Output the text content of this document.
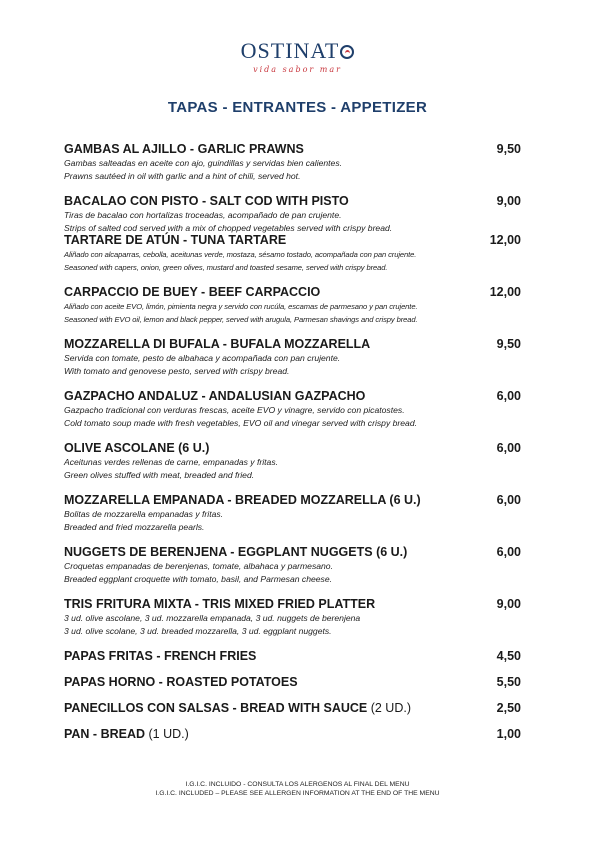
OSTINAT
vida sabor mar
TAPAS - ENTRANTES - APPETIZER
GAMBAS AL AJILLO - GARLIC PRAWNS	9,50
Gambas salteadas en aceite con ajo, guindillas y servidas bien calientes.
Prawns sautéed in oil with garlic and a hint of chili, served hot.
BACALAO CON PISTO - SALT COD WITH PISTO	9,00
Tiras de bacalao con hortalizas troceadas, acompañado de pan crujente.
Strips of salted cod served with a mix of chopped vegetables served with crispy bread.
TARTARE DE ATÚN - TUNA TARTARE	12,00
Aliñado con alcaparras, cebolla, aceitunas verde, mostaza, sésamo tostado, acompañada con pan crujente.
Seasoned with capers, onion, green olives, mustard and toasted sesame, served with crispy bread.
CARPACCIO DE BUEY - BEEF CARPACCIO	12,00
Aliñado con aceite EVO, limón, pimienta negra y servido con rucúla, escamas de parmesano y pan crujente.
Seasoned with EVO oil, lemon and black pepper, served with arugula, Parmesan shavings and crispy bread.
MOZZARELLA DI BUFALA - BUFALA MOZZARELLA	9,50
Servida con tomate, pesto de albahaca y acompañada con pan crujente.
With tomato and genovese pesto, served with crispy bread.
GAZPACHO ANDALUZ - ANDALUSIAN GAZPACHO	6,00
Gazpacho tradicional con verduras frescas, aceite EVO y vinagre, servido con picatostes.
Cold tomato soup made with fresh vegetables, EVO oil and vinegar served with crispy bread.
OLIVE ASCOLANE (6 U.)	6,00
Aceitunas verdes rellenas de carne, empanadas y fritas.
Green olives stuffed with meat, breaded and fried.
MOZZARELLA EMPANADA - BREADED MOZZARELLA (6 U.)	6,00
Bolitas de mozzarella empanadas y fritas.
Breaded and fried mozzarella pearls.
NUGGETS DE BERENJENA - EGGPLANT NUGGETS (6 U.)	6,00
Croquetas empanadas de berenjenas, tomate, albahaca y parmesano.
Breaded eggplant croquette with tomato, basil, and Parmesan cheese.
TRIS FRITURA MIXTA - TRIS MIXED FRIED PLATTER	9,00
3 ud. olive ascolane, 3 ud. mozzarella empanada, 3 ud. nuggets de berenjena
3 ud. olive scolane, 3 ud. breaded mozzarella, 3 ud. eggplant nuggets.
PAPAS FRITAS - FRENCH FRIES	4,50
PAPAS HORNO - ROASTED POTATOES	5,50
PANECILLOS CON SALSAS - BREAD WITH SAUCE (2 UD.)	2,50
PAN - BREAD (1 UD.)	1,00
I.G.I.C. INCLUIDO - CONSULTA LOS ALERGENOS AL FINAL DEL MENU
I.G.I.C. INCLUDED – PLEASE SEE ALLERGEN INFORMATION AT THE END OF THE MENU
